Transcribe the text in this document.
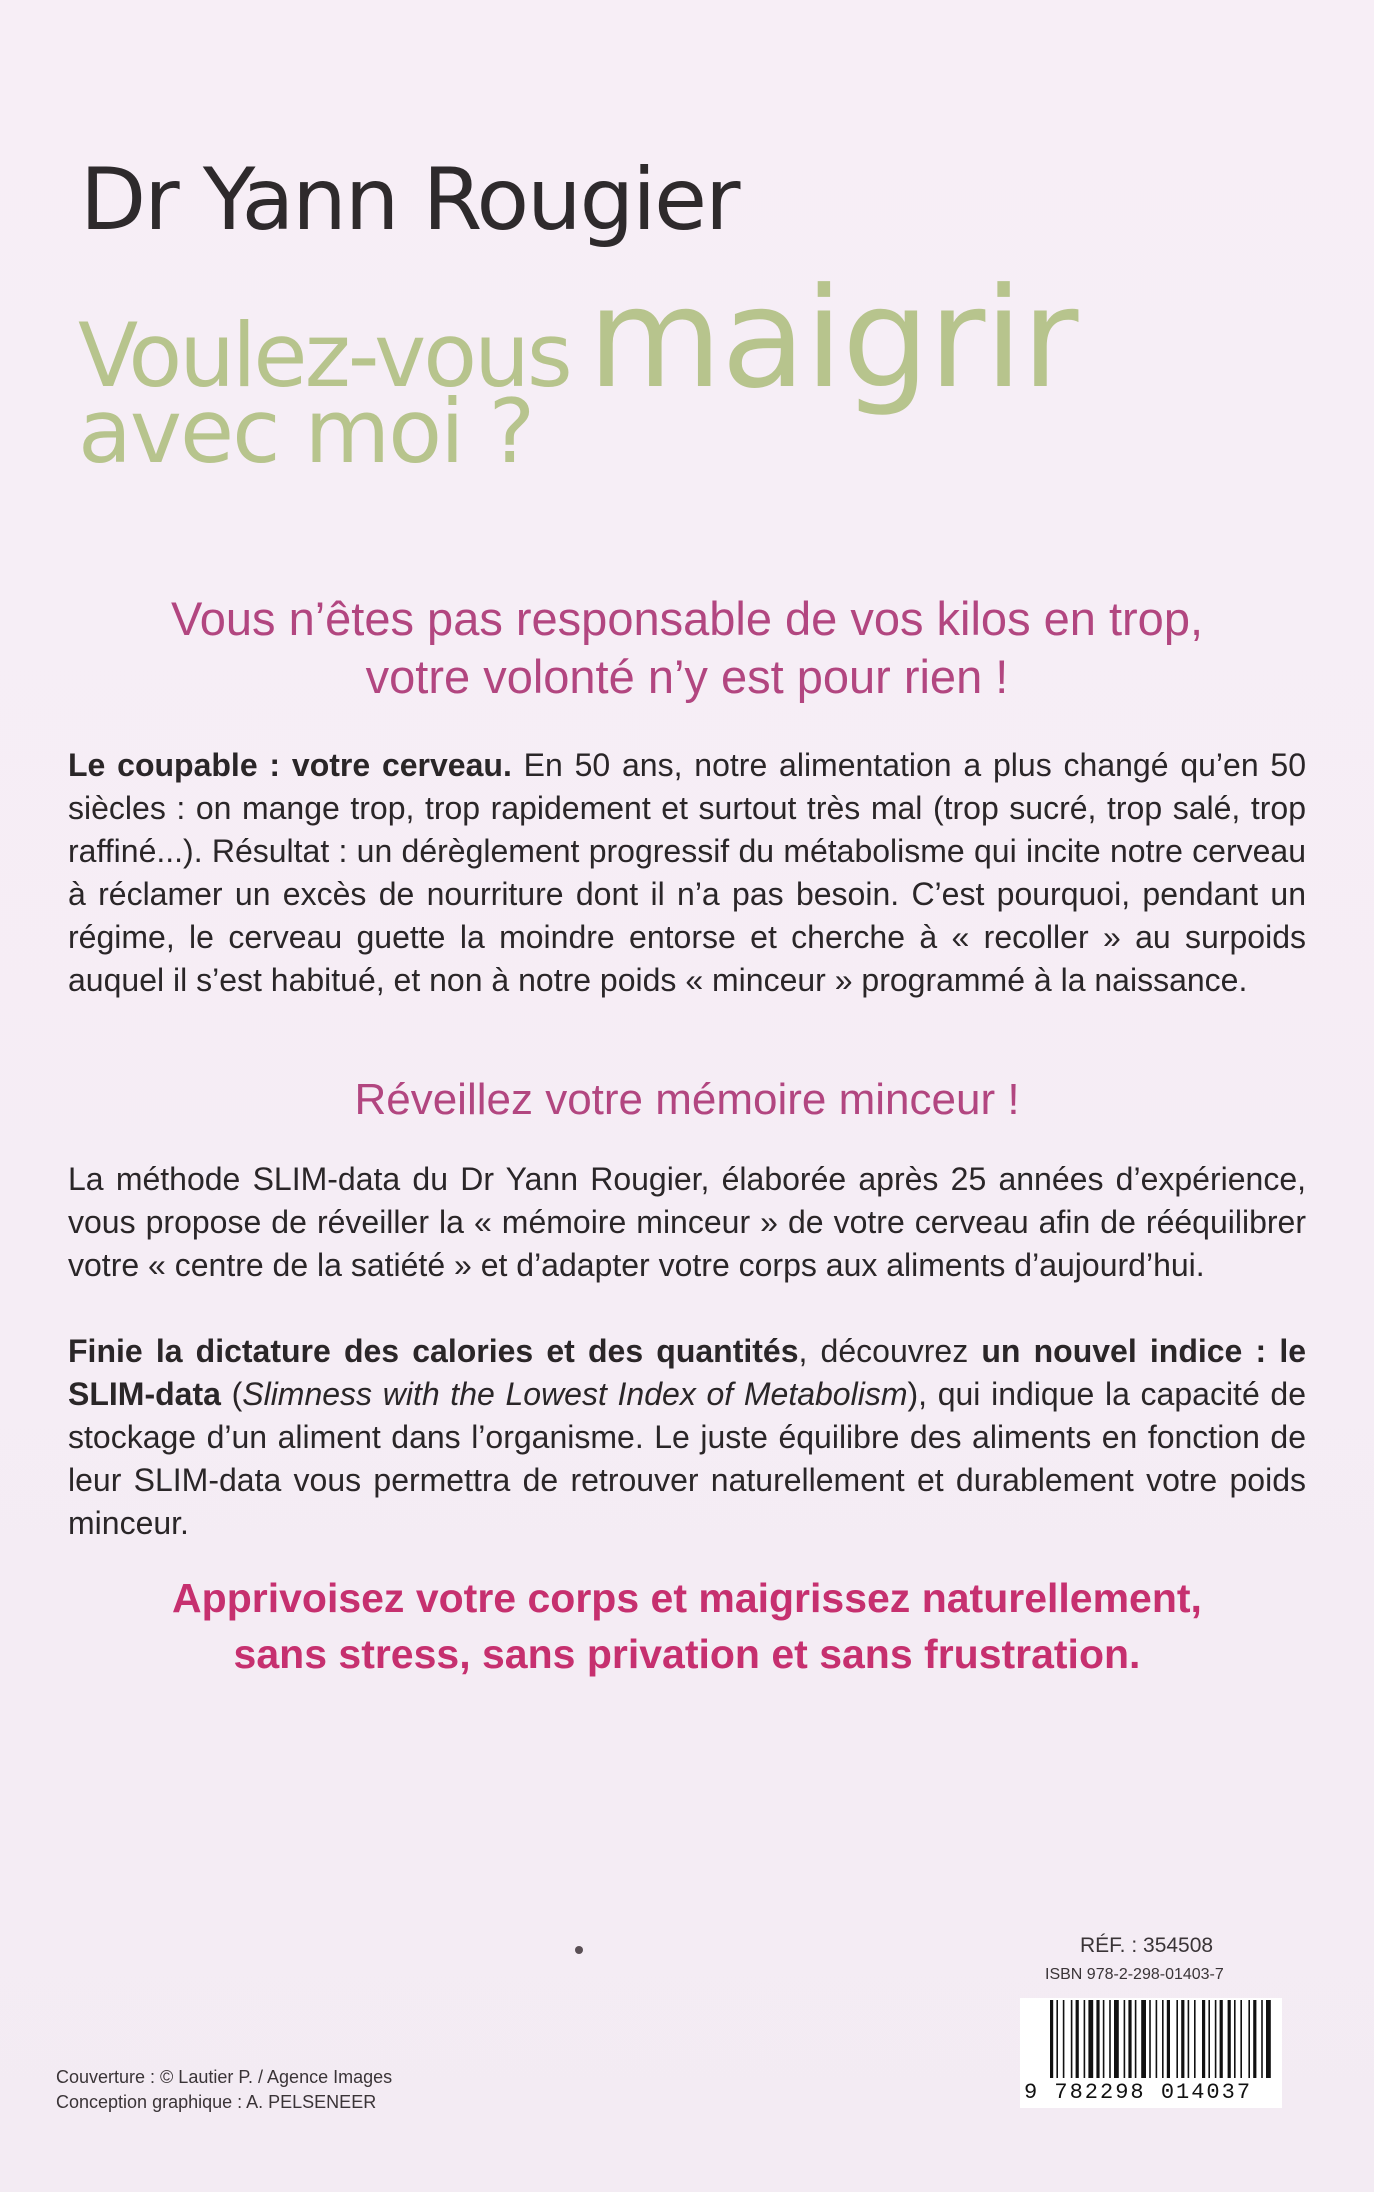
Dr Yann Rougier
Voulez-vous maigrir
avec moi ?

Vous n’êtes pas responsable de vos kilos en trop,
votre volonté n’y est pour rien !

Le coupable : votre cerveau. En 50 ans, notre alimentation a plus changé qu’en 50 siècles : on mange trop, trop rapidement et surtout très mal (trop sucré, trop salé, trop raffiné...). Résultat : un dérèglement progressif du métabolisme qui incite notre cerveau à réclamer un excès de nourriture dont il n’a pas besoin. C’est pourquoi, pendant un régime, le cerveau guette la moindre entorse et cherche à « recoller » au surpoids auquel il s’est habitué, et non à notre poids « minceur » programmé à la naissance.

Réveillez votre mémoire minceur !

La méthode SLIM-data du Dr Yann Rougier, élaborée après 25 années d’expérience, vous propose de réveiller la « mémoire minceur » de votre cerveau afin de rééquilibrer votre « centre de la satiété » et d’adapter votre corps aux aliments d’aujourd’hui.

Finie la dictature des calories et des quantités, découvrez un nouvel indice : le SLIM-data (Slimness with the Lowest Index of Metabolism), qui indique la capacité de stockage d’un aliment dans l’organisme. Le juste équilibre des aliments en fonction de leur SLIM-data vous permettra de retrouver naturellement et durablement votre poids minceur.

Apprivoisez votre corps et maigrissez naturellement,
sans stress, sans privation et sans frustration.

Couverture : © Lautier P. / Agence Images
Conception graphique : A. PELSENEER
RÉF. : 354508
ISBN 978-2-298-01403-7
9 782298 014037
